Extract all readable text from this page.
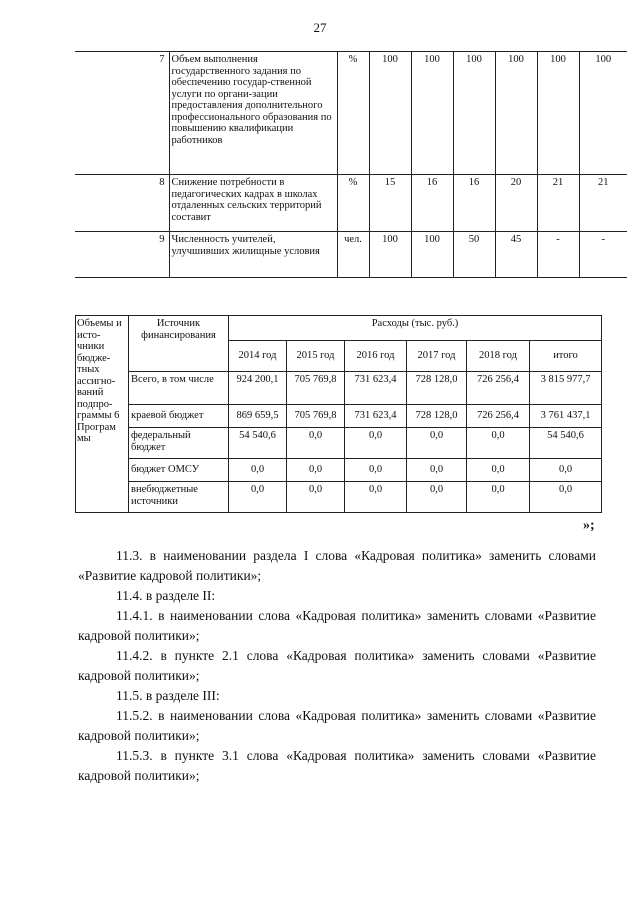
27
7	Объем выполнения государственного задания по обеспечению государ-ственной услуги по органи-зации предоставления дополнительного профессионального образования по повышению квалификации работников	%	100	100	100	100	100	100
8	Снижение потребности в педагогических кадрах в школах отдаленных сельских территорий составит	%	15	16	16	20	21	21
9	Численность учителей, улучшивших жилищные условия	чел.	100	100	50	45	-	-
Объемы и исто-чники бюдже-тных ассигно-ваний подпро-граммы 6 Програм мы	Источник финансирования	Расходы (тыс. руб.)					
		2014 год	2015 год	2016 год	2017 год	2018 год	итого
	Всего, в том числе	924 200,1	705 769,8	731 623,4	728 128,0	726 256,4	3 815 977,7
	краевой бюджет	869 659,5	705 769,8	731 623,4	728 128,0	726 256,4	3 761 437,1
	федеральный бюджет	54 540,6	0,0	0,0	0,0	0,0	54 540,6
	бюджет ОМСУ	0,0	0,0	0,0	0,0	0,0	0,0
	внебюджетные источники	0,0	0,0	0,0	0,0	0,0	0,0
»;
11.3. в наименовании раздела I слова «Кадровая политика» заменить словами «Развитие кадровой политики»;
11.4. в разделе II:
11.4.1. в наименовании слова «Кадровая политика» заменить словами «Развитие кадровой политики»;
11.4.2. в пункте 2.1 слова «Кадровая политика» заменить словами «Развитие кадровой политики»;
11.5. в разделе III:
11.5.2. в наименовании слова «Кадровая политика» заменить словами «Развитие кадровой политики»;
11.5.3. в пункте 3.1 слова «Кадровая политика» заменить словами «Развитие кадровой политики»;
